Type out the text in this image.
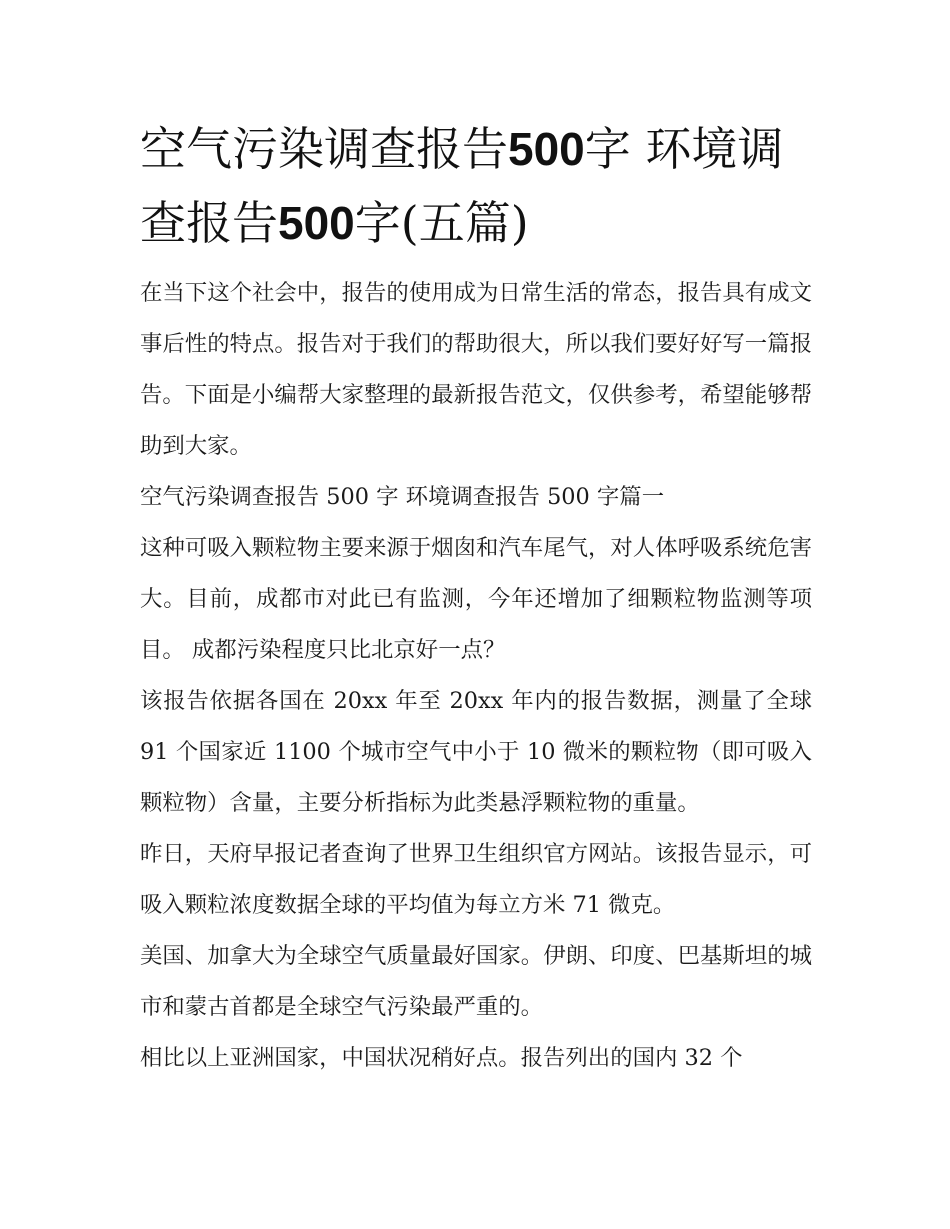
空气污染调查报告500字 环境调查报告500字(五篇)

在当下这个社会中，报告的使用成为日常生活的常态，报告具有成文事后性的特点。报告对于我们的帮助很大，所以我们要好好写一篇报告。下面是小编帮大家整理的最新报告范文，仅供参考，希望能够帮助到大家。

空气污染调查报告 500 字 环境调查报告 500 字篇一

这种可吸入颗粒物主要来源于烟囱和汽车尾气，对人体呼吸系统危害大。目前，成都市对此已有监测，今年还增加了细颗粒物监测等项目。 成都污染程度只比北京好一点？

该报告依据各国在 20xx 年至 20xx 年内的报告数据，测量了全球 91 个国家近 1100 个城市空气中小于 10 微米的颗粒物（即可吸入颗粒物）含量，主要分析指标为此类悬浮颗粒物的重量。

昨日，天府早报记者查询了世界卫生组织官方网站。该报告显示，可吸入颗粒浓度数据全球的平均值为每立方米 71 微克。

美国、加拿大为全球空气质量最好国家。伊朗、印度、巴基斯坦的城市和蒙古首都是全球空气污染最严重的。

相比以上亚洲国家，中国状况稍好点。报告列出的国内 32 个
